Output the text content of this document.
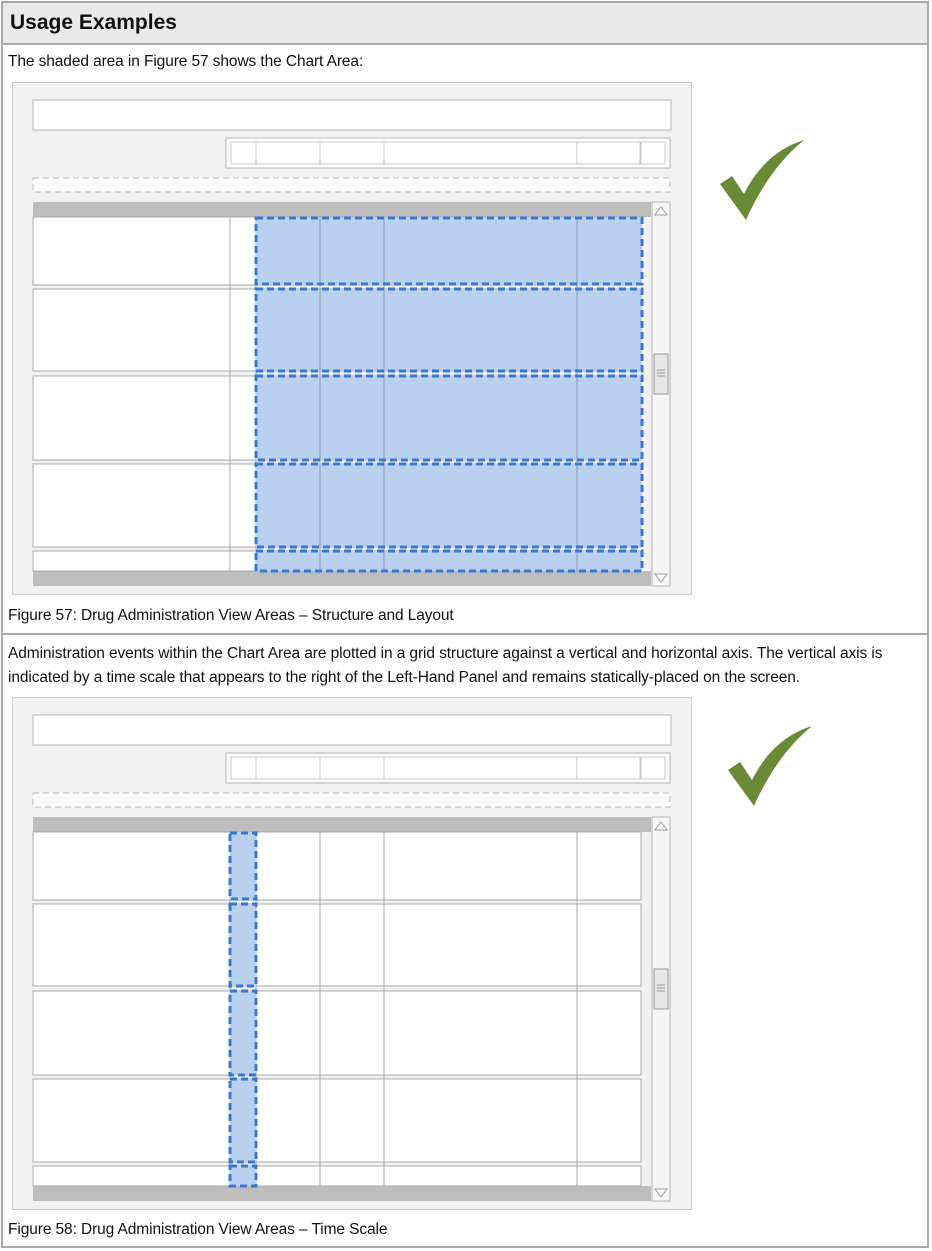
Usage Examples
The shaded area in Figure 57 shows the Chart Area:
Figure 57: Drug Administration View Areas – Structure and Layout
Administration events within the Chart Area are plotted in a grid structure against a vertical and horizontal axis. The vertical axis is
indicated by a time scale that appears to the right of the Left-Hand Panel and remains statically-placed on the screen.
Figure 58: Drug Administration View Areas – Time Scale
